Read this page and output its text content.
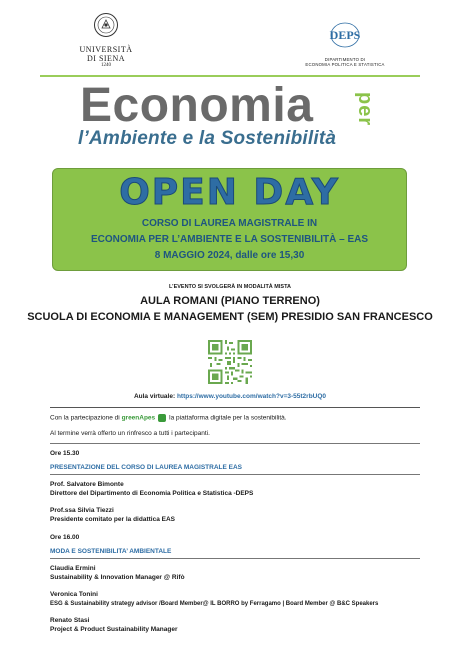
UNIVERSITÀ
DI SIENA
1240
DEPS
DIPARTIMENTO DI
ECONOMIA POLITICA E STATISTICA
Economia per
l’Ambiente e la Sostenibilità
OPEN DAY
CORSO DI LAUREA MAGISTRALE IN
ECONOMIA PER L’AMBIENTE E LA SOSTENIBILITÀ – EAS
8 MAGGIO 2024, dalle ore 15,30
L’EVENTO SI SVOLGERÀ IN MODALITÀ MISTA
AULA ROMANI (PIANO TERRENO)
SCUOLA DI ECONOMIA E MANAGEMENT (SEM) PRESIDIO SAN FRANCESCO
Aula virtuale: https://www.youtube.com/watch?v=3-55t2rbUQ0
Con la partecipazione di greenApes la piattaforma digitale per la sostenibilità.
Al termine verrà offerto un rinfresco a tutti i partecipanti.
Ore 15.30
PRESENTAZIONE DEL CORSO DI LAUREA MAGISTRALE EAS
Prof. Salvatore Bimonte
Direttore del Dipartimento di Economia Politica e Statistica -DEPS
Prof.ssa Silvia Tiezzi
Presidente comitato per la didattica EAS
Ore 16.00
MODA E SOSTENIBILITA’ AMBIENTALE
Claudia Ermini
Sustainability & Innovation Manager @ Rifò
Veronica Tonini
ESG & Sustainability strategy advisor /Board Member@ IL BORRO by Ferragamo | Board Member @ B&C Speakers
Renato Stasi
Project & Product Sustainability Manager
